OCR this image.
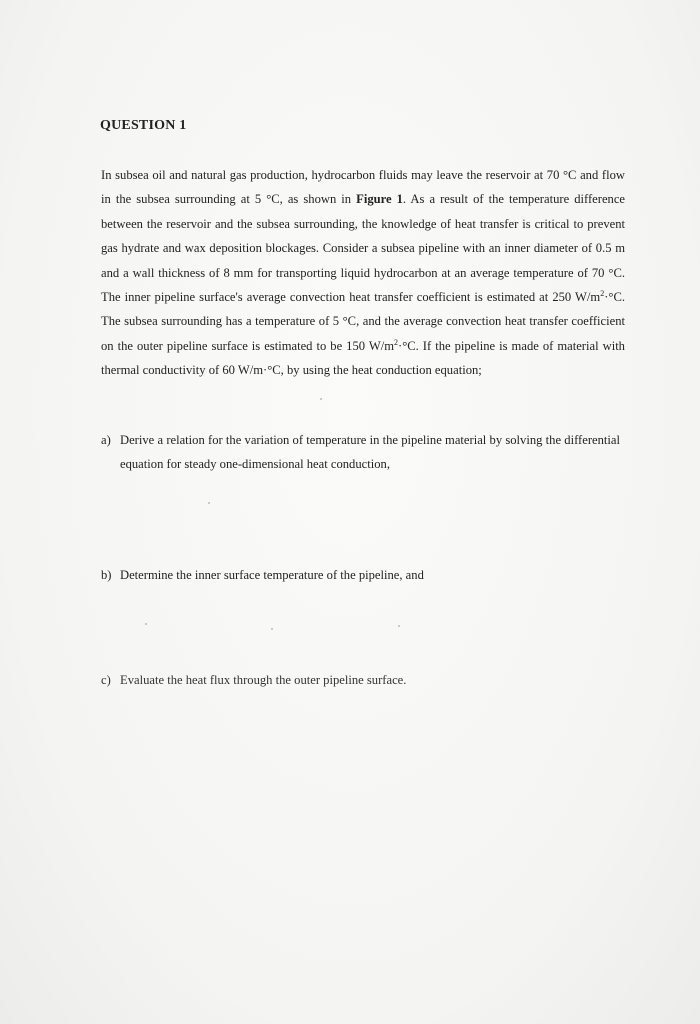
QUESTION 1

In subsea oil and natural gas production, hydrocarbon fluids may leave the reservoir at 70 °C and flow in the subsea surrounding at 5 °C, as shown in Figure 1. As a result of the temperature difference between the reservoir and the subsea surrounding, the knowledge of heat transfer is critical to prevent gas hydrate and wax deposition blockages. Consider a subsea pipeline with an inner diameter of 0.5 m and a wall thickness of 8 mm for transporting liquid hydrocarbon at an average temperature of 70 °C. The inner pipeline surface's average convection heat transfer coefficient is estimated at 250 $W/m^2\cdot^\circ C$. The subsea surrounding has a temperature of 5 °C, and the average convection heat transfer coefficient on the outer pipeline surface is estimated to be 150 $W/m^2\cdot^\circ C$. If the pipeline is made of material with thermal conductivity of 60 W/m·°C, by using the heat conduction equation;

a) Derive a relation for the variation of temperature in the pipeline material by solving the differential equation for steady one-dimensional heat conduction,
b) Determine the inner surface temperature of the pipeline, and
c) Evaluate the heat flux through the outer pipeline surface.
